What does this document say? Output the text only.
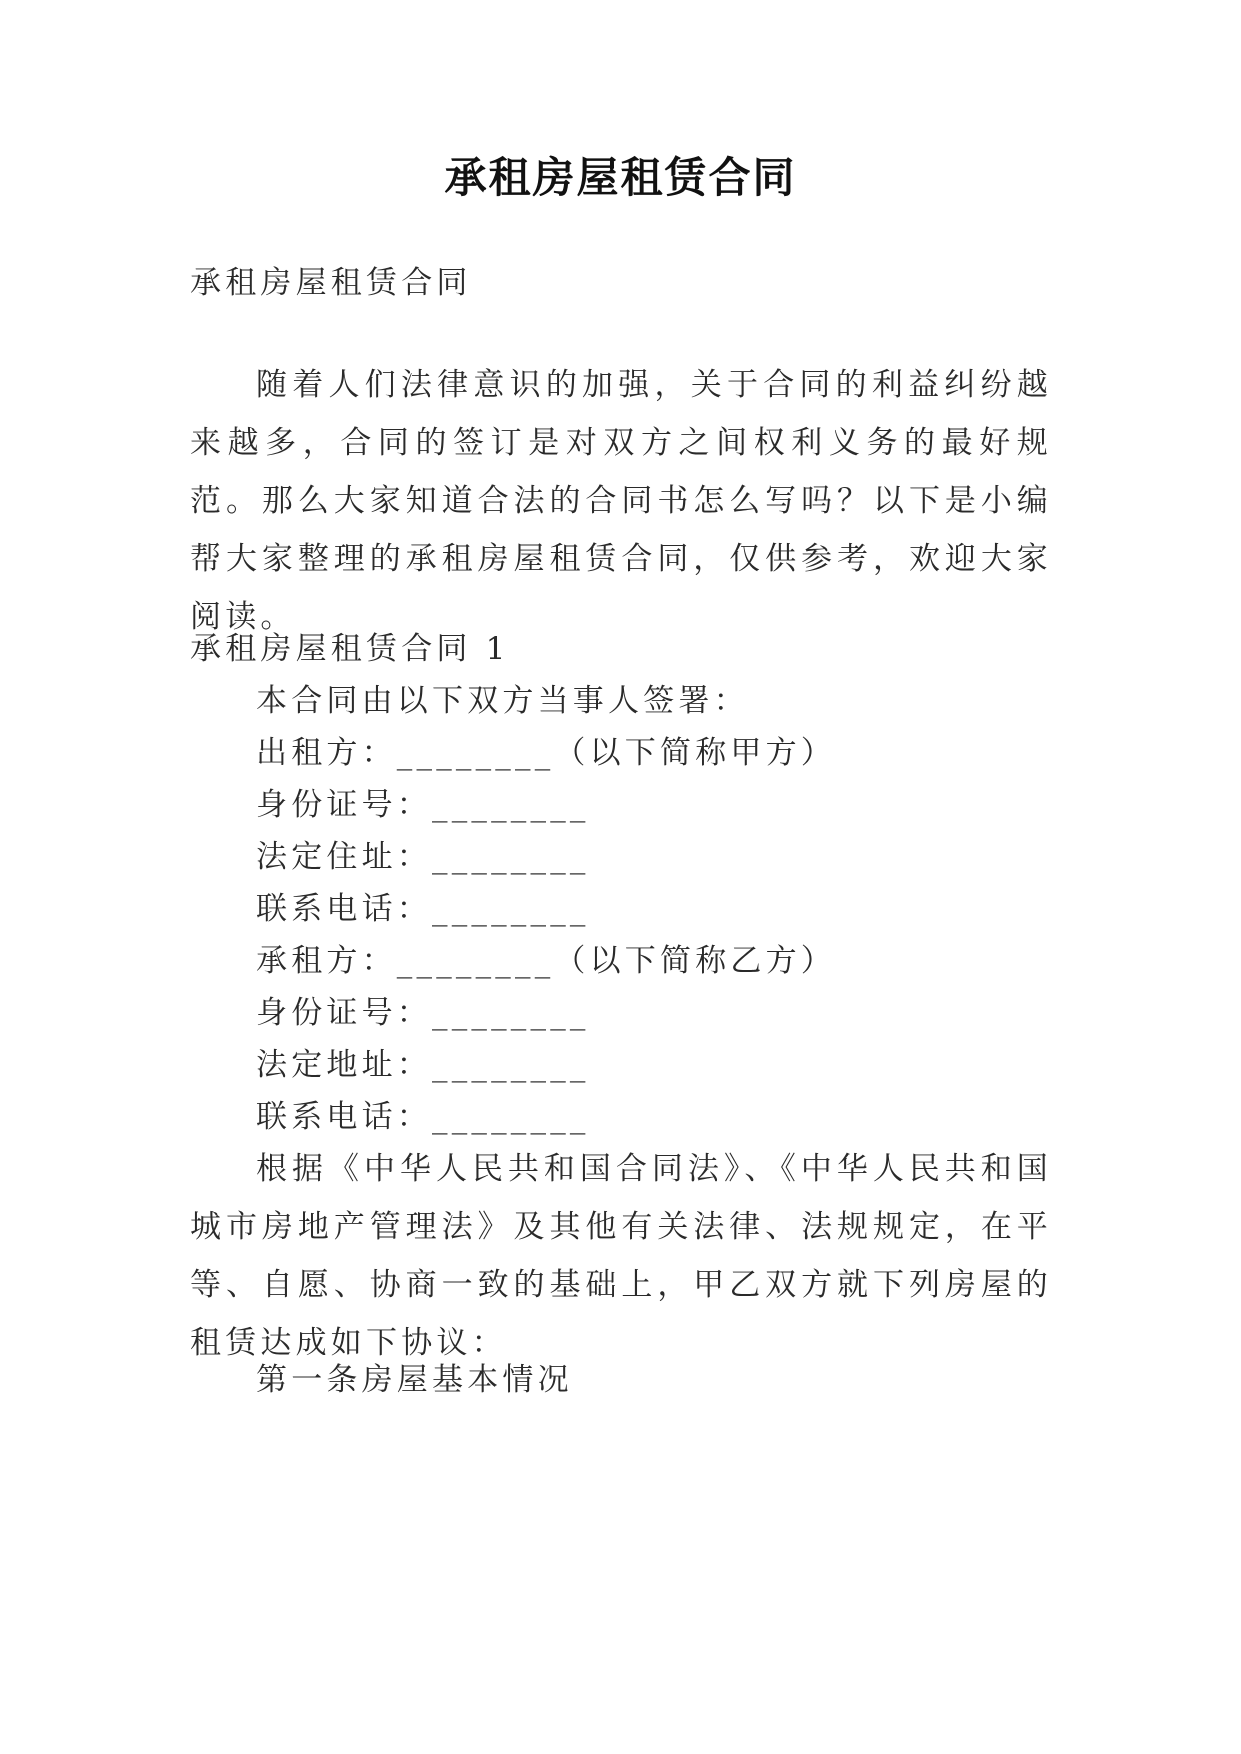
承租房屋租赁合同

承租房屋租赁合同

随着人们法律意识的加强，关于合同的利益纠纷越来越多，合同的签订是对双方之间权利义务的最好规范。那么大家知道合法的合同书怎么写吗？以下是小编帮大家整理的承租房屋租赁合同，仅供参考，欢迎大家阅读。

承租房屋租赁合同 1

本合同由以下双方当事人签署：

出租方：________（以下简称甲方）

身份证号：________

法定住址：________

联系电话：________

承租方：________（以下简称乙方）

身份证号：________

法定地址：________

联系电话：________

根据《中华人民共和国合同法》、《中华人民共和国城市房地产管理法》及其他有关法律、法规规定，在平等、自愿、协商一致的基础上，甲乙双方就下列房屋的租赁达成如下协议：

第一条房屋基本情况
